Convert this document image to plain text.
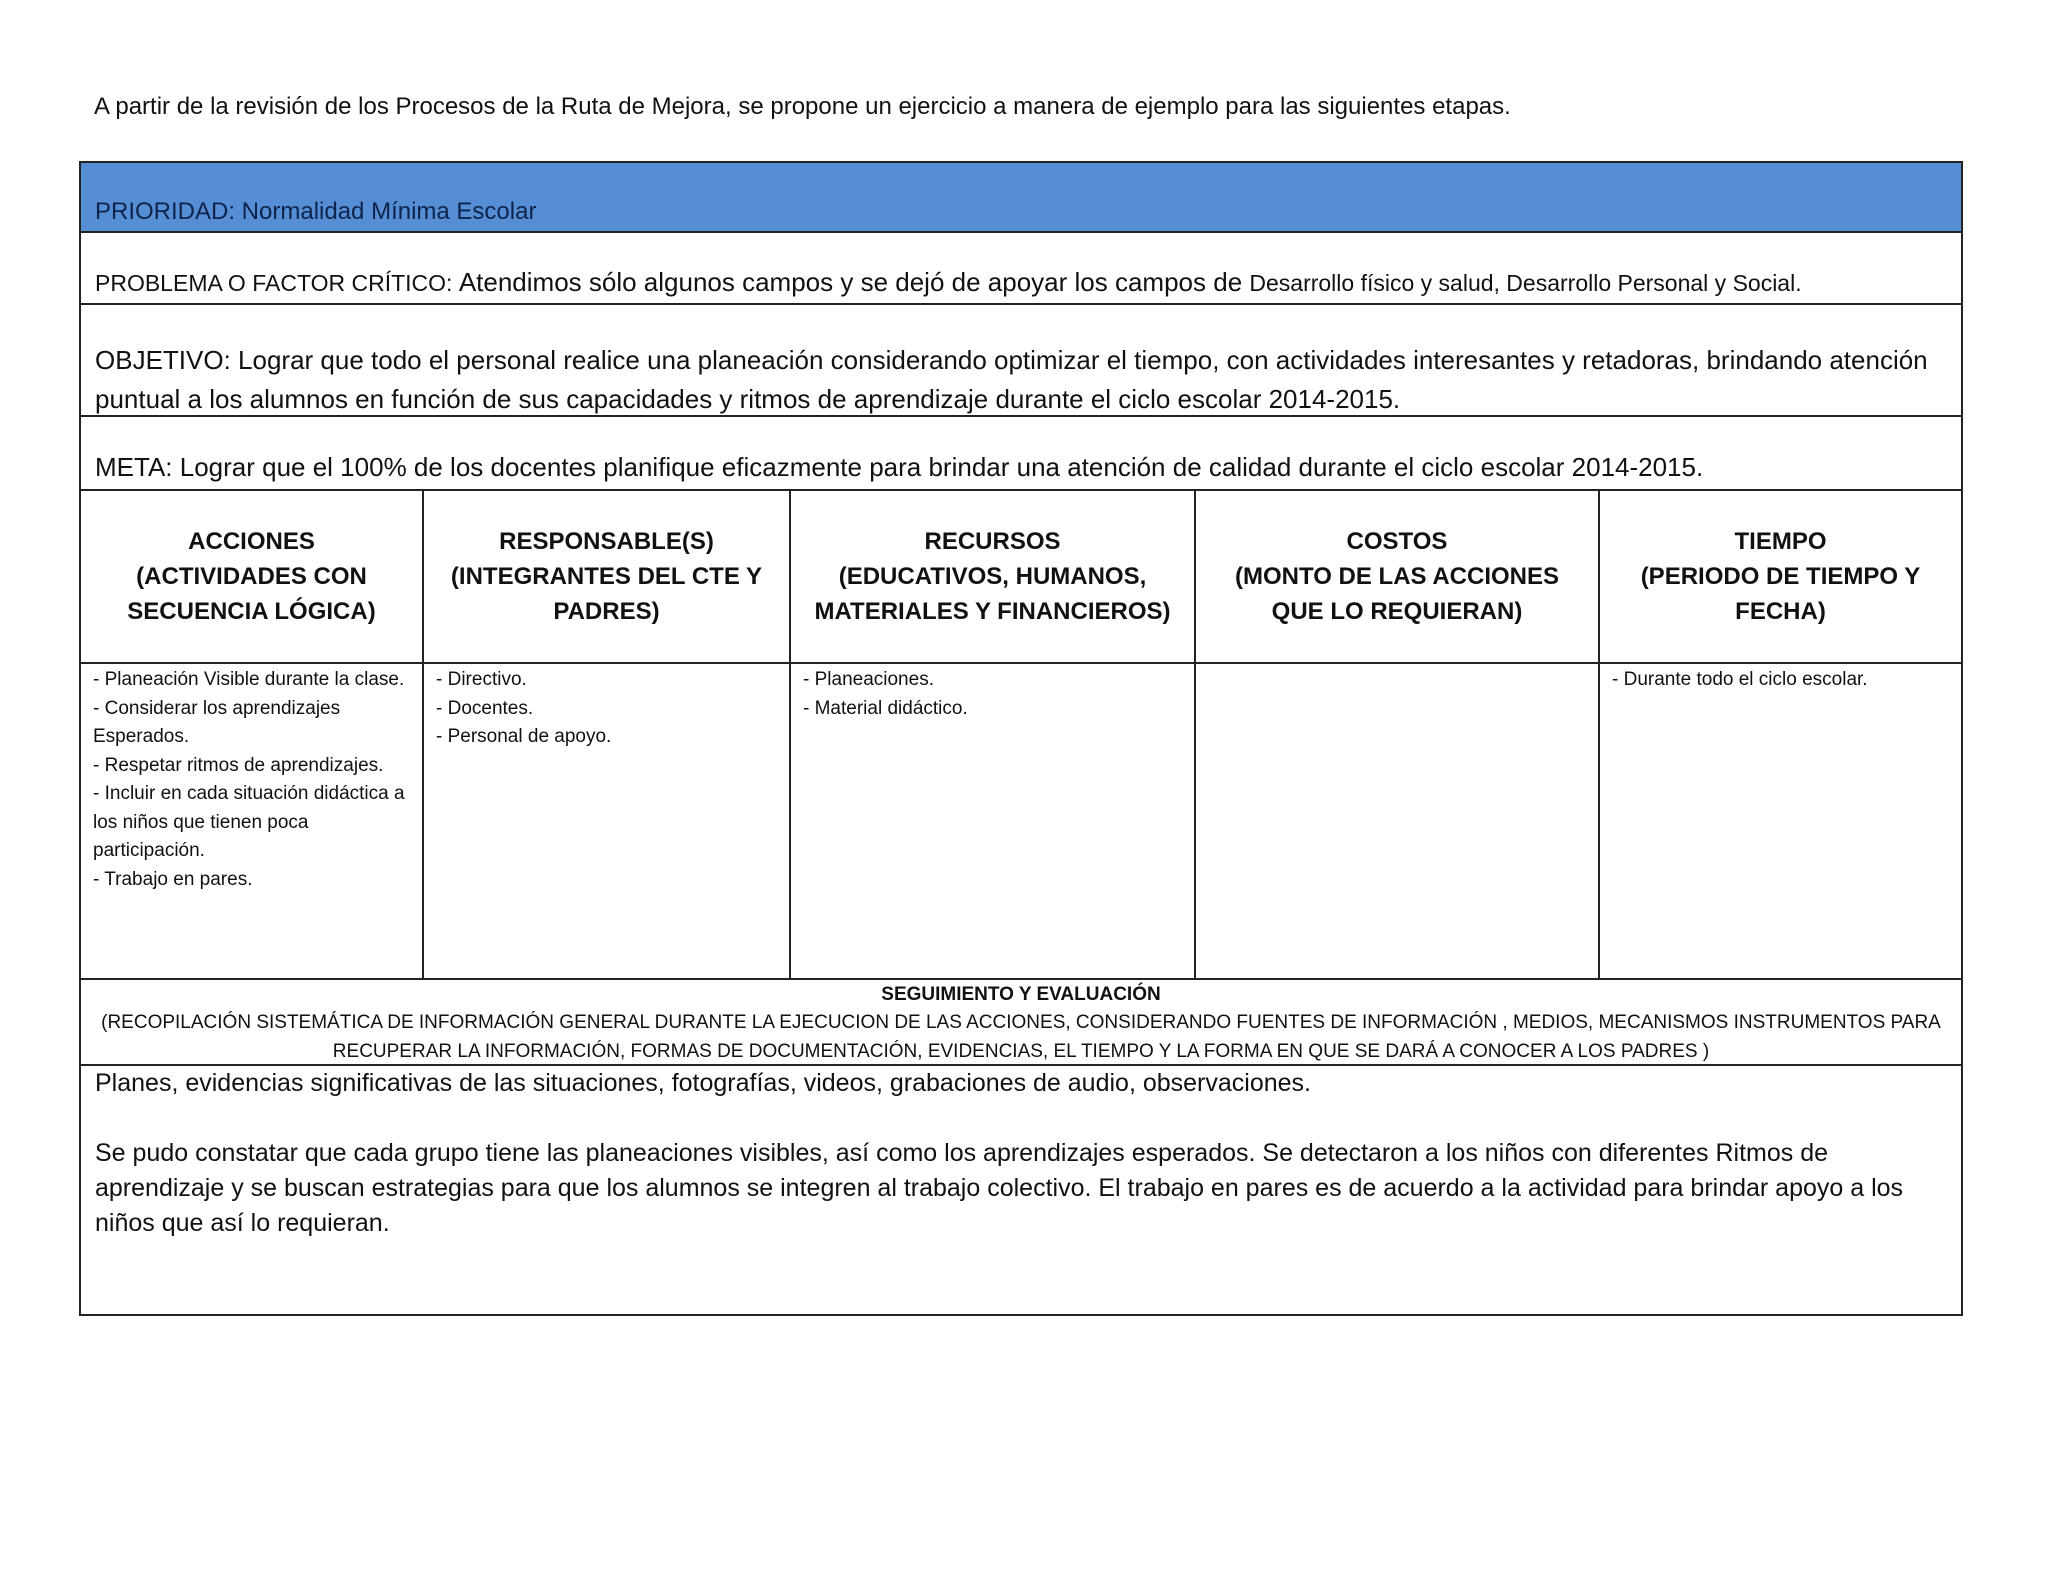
A partir de la revisión de los Procesos de la Ruta de Mejora, se propone un ejercicio a manera de ejemplo para las siguientes etapas.
PRIORIDAD: Normalidad Mínima Escolar
PROBLEMA O FACTOR CRÍTICO: Atendimos sólo algunos campos y se dejó de apoyar los campos de Desarrollo físico y salud, Desarrollo Personal y Social.
OBJETIVO: Lograr que todo el personal realice una planeación considerando optimizar el tiempo, con actividades interesantes y retadoras, brindando atención puntual a los alumnos en función de sus capacidades y ritmos de aprendizaje durante el ciclo escolar 2014-2015.
META: Lograr que el 100% de los docentes planifique eficazmente para brindar una atención de calidad durante el ciclo escolar 2014-2015.
ACCIONES
(ACTIVIDADES CON
SECUENCIA LÓGICA)
- Planeación Visible durante la clase.
- Considerar los aprendizajes Esperados.
- Respetar ritmos de aprendizajes.
- Incluir en cada situación didáctica a los niños que tienen poca participación.
- Trabajo en pares.
RESPONSABLE(S)
(INTEGRANTES DEL CTE Y
PADRES)
- Directivo.
- Docentes.
- Personal de apoyo.
RECURSOS
(EDUCATIVOS, HUMANOS,
MATERIALES Y FINANCIEROS)
- Planeaciones.
- Material didáctico.
COSTOS
(MONTO DE LAS ACCIONES
QUE LO REQUIERAN)
TIEMPO
(PERIODO DE TIEMPO Y
FECHA)
- Durante todo el ciclo escolar.
SEGUIMIENTO Y EVALUACIÓN
(RECOPILACIÓN SISTEMÁTICA DE INFORMACIÓN GENERAL DURANTE LA EJECUCION DE LAS ACCIONES, CONSIDERANDO FUENTES DE INFORMACIÓN , MEDIOS, MECANISMOS INSTRUMENTOS PARA RECUPERAR LA INFORMACIÓN, FORMAS DE DOCUMENTACIÓN, EVIDENCIAS, EL TIEMPO Y LA FORMA EN QUE SE DARÁ A CONOCER A LOS PADRES )

Planes, evidencias significativas de las situaciones, fotografías, videos, grabaciones de audio, observaciones.

Se pudo constatar que cada grupo tiene las planeaciones visibles, así como los aprendizajes esperados. Se detectaron a los niños con diferentes Ritmos de aprendizaje y se buscan estrategias para que los alumnos se integren al trabajo colectivo. El trabajo en pares es de acuerdo a la actividad para brindar apoyo a los niños que así lo requieran.
